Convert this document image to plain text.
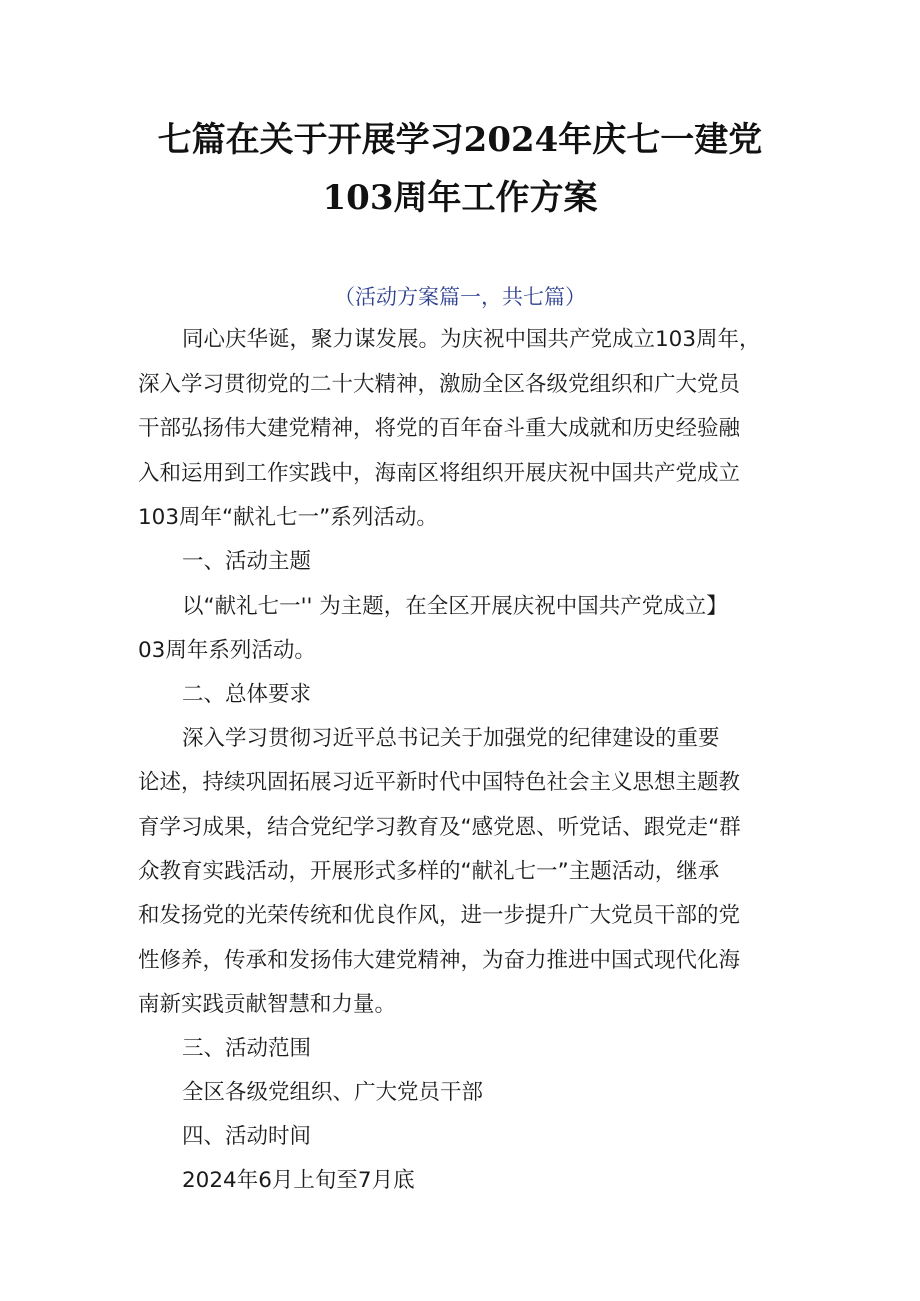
七篇在关于开展学习2024年庆七一建党
103周年工作方案
（活动方案篇一，共七篇）
同心庆华诞，聚力谋发展。为庆祝中国共产党成立103周年，
深入学习贯彻党的二十大精神，激励全区各级党组织和广大党员
干部弘扬伟大建党精神，将党的百年奋斗重大成就和历史经验融
入和运用到工作实践中，海南区将组织开展庆祝中国共产党成立
103周年“献礼七一”系列活动。
一、活动主题
以“献礼七一'' 为主题，在全区开展庆祝中国共产党成立】
03周年系列活动。
二、总体要求
深入学习贯彻习近平总书记关于加强党的纪律建设的重要
论述，持续巩固拓展习近平新时代中国特色社会主义思想主题教
育学习成果，结合党纪学习教育及“感党恩、听党话、跟党走“群
众教育实践活动，开展形式多样的“献礼七一”主题活动，继承
和发扬党的光荣传统和优良作风，进一步提升广大党员干部的党
性修养，传承和发扬伟大建党精神，为奋力推进中国式现代化海
南新实践贡献智慧和力量。
三、活动范围
全区各级党组织、广大党员干部
四、活动时间
2024年6月上旬至7月底
